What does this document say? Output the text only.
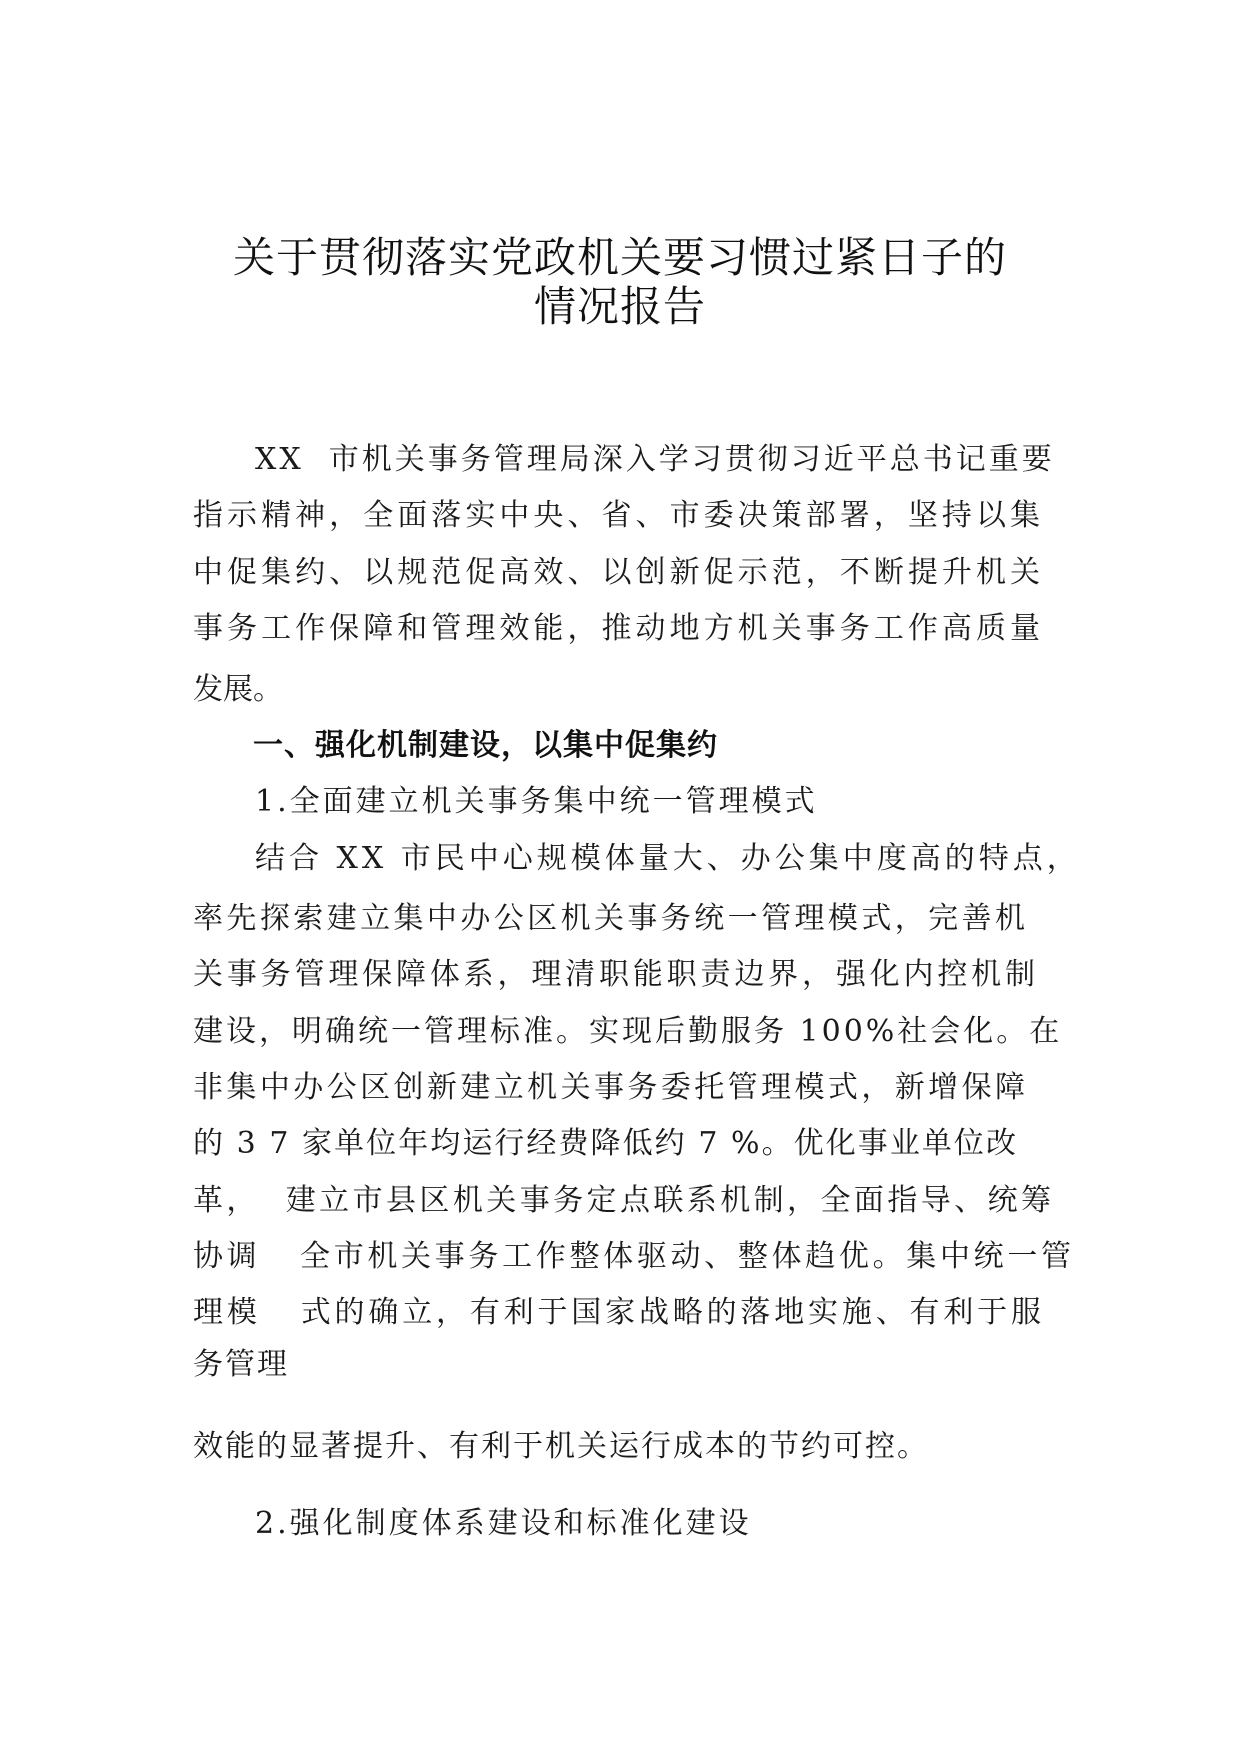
关于贯彻落实党政机关要习惯过紧日子的
情况报告
XX  市机关事务管理局深入学习贯彻习近平总书记重要
指示精神，全面落实中央、省、市委决策部署，坚持以集
中促集约、以规范促高效、以创新促示范，不断提升机关
事务工作保障和管理效能，推动地方机关事务工作高质量
发展。
一、强化机制建设，以集中促集约
1.全面建立机关事务集中统一管理模式
结合 XX 市民中心规模体量大、办公集中度高的特点，
率先探索建立集中办公区机关事务统一管理模式，完善机
关事务管理保障体系，理清职能职责边界，强化内控机制
建设，明确统一管理标准。实现后勤服务 100%社会化。在
非集中办公区创新建立机关事务委托管理模式，新增保障
的 3 7 家单位年均运行经费降低约 7 %。优化事业单位改
革，  建立市县区机关事务定点联系机制，全面指导、统筹
协调   全市机关事务工作整体驱动、整体趋优。集中统一管
理模   式的确立，有利于国家战略的落地实施、有利于服
务管理
效能的显著提升、有利于机关运行成本的节约可控。
2.强化制度体系建设和标准化建设
